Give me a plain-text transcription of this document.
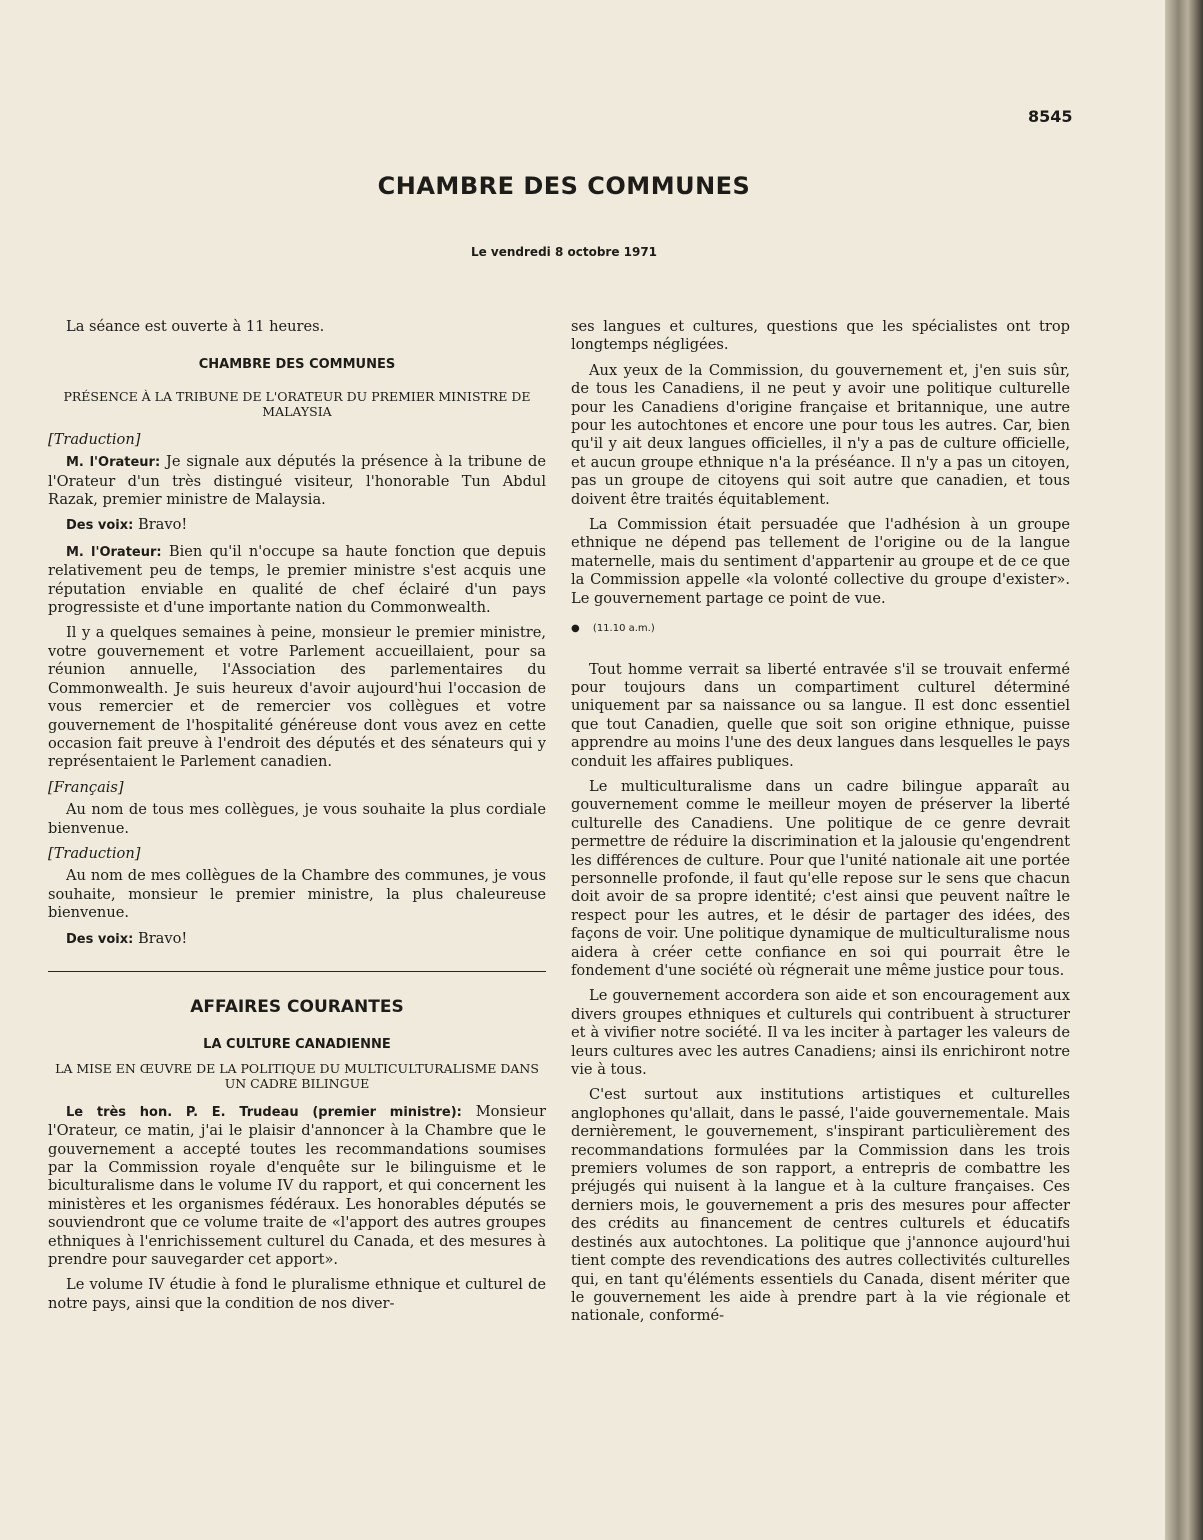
8545
CHAMBRE DES COMMUNES
Le vendredi 8 octobre 1971

La séance est ouverte à 11 heures.

CHAMBRE DES COMMUNES
PRÉSENCE À LA TRIBUNE DE L'ORATEUR DU PREMIER MINISTRE DE MALAYSIA

[Traduction]

M. l'Orateur: Je signale aux députés la présence à la tribune de l'Orateur d'un très distingué visiteur, l'honorable Tun Abdul Razak, premier ministre de Malaysia.

Des voix: Bravo!

M. l'Orateur: Bien qu'il n'occupe sa haute fonction que depuis relativement peu de temps, le premier ministre s'est acquis une réputation enviable en qualité de chef éclairé d'un pays progressiste et d'une importante nation du Commonwealth.

Il y a quelques semaines à peine, monsieur le premier ministre, votre gouvernement et votre Parlement accueillaient, pour sa réunion annuelle, l'Association des parlementaires du Commonwealth. Je suis heureux d'avoir aujourd'hui l'occasion de vous remercier et de remercier vos collègues et votre gouvernement de l'hospitalité généreuse dont vous avez en cette occasion fait preuve à l'endroit des députés et des sénateurs qui y représentaient le Parlement canadien.

[Français]

Au nom de tous mes collègues, je vous souhaite la plus cordiale bienvenue.

[Traduction]

Au nom de mes collègues de la Chambre des communes, je vous souhaite, monsieur le premier ministre, la plus chaleureuse bienvenue.

Des voix: Bravo!

AFFAIRES COURANTES
LA CULTURE CANADIENNE
LA MISE EN ŒUVRE DE LA POLITIQUE DU MULTICULTURALISME DANS UN CADRE BILINGUE

Le très hon. P. E. Trudeau (premier ministre): Monsieur l'Orateur, ce matin, j'ai le plaisir d'annoncer à la Chambre que le gouvernement a accepté toutes les recommandations soumises par la Commission royale d'enquête sur le bilinguisme et le biculturalisme dans le volume IV du rapport, et qui concernent les ministères et les organismes fédéraux. Les honorables députés se souviendront que ce volume traite de «l'apport des autres groupes ethniques à l'enrichissement culturel du Canada, et des mesures à prendre pour sauvegarder cet apport».

Le volume IV étudie à fond le pluralisme ethnique et culturel de notre pays, ainsi que la condition de nos diver-

ses langues et cultures, questions que les spécialistes ont trop longtemps négligées.

Aux yeux de la Commission, du gouvernement et, j'en suis sûr, de tous les Canadiens, il ne peut y avoir une politique culturelle pour les Canadiens d'origine française et britannique, une autre pour les autochtones et encore une pour tous les autres. Car, bien qu'il y ait deux langues officielles, il n'y a pas de culture officielle, et aucun groupe ethnique n'a la préséance. Il n'y a pas un citoyen, pas un groupe de citoyens qui soit autre que canadien, et tous doivent être traités équitablement.

La Commission était persuadée que l'adhésion à un groupe ethnique ne dépend pas tellement de l'origine ou de la langue maternelle, mais du sentiment d'appartenir au groupe et de ce que la Commission appelle «la volonté collective du groupe d'exister». Le gouvernement partage ce point de vue.

● (11.10 a.m.)

Tout homme verrait sa liberté entravée s'il se trouvait enfermé pour toujours dans un compartiment culturel déterminé uniquement par sa naissance ou sa langue. Il est donc essentiel que tout Canadien, quelle que soit son origine ethnique, puisse apprendre au moins l'une des deux langues dans lesquelles le pays conduit les affaires publiques.

Le multiculturalisme dans un cadre bilingue apparaît au gouvernement comme le meilleur moyen de préserver la liberté culturelle des Canadiens. Une politique de ce genre devrait permettre de réduire la discrimination et la jalousie qu'engendrent les différences de culture. Pour que l'unité nationale ait une portée personnelle profonde, il faut qu'elle repose sur le sens que chacun doit avoir de sa propre identité; c'est ainsi que peuvent naître le respect pour les autres, et le désir de partager des idées, des façons de voir. Une politique dynamique de multiculturalisme nous aidera à créer cette confiance en soi qui pourrait être le fondement d'une société où régnerait une même justice pour tous.

Le gouvernement accordera son aide et son encouragement aux divers groupes ethniques et culturels qui contribuent à structurer et à vivifier notre société. Il va les inciter à partager les valeurs de leurs cultures avec les autres Canadiens; ainsi ils enrichiront notre vie à tous.

C'est surtout aux institutions artistiques et culturelles anglophones qu'allait, dans le passé, l'aide gouvernementale. Mais dernièrement, le gouvernement, s'inspirant particulièrement des recommandations formulées par la Commission dans les trois premiers volumes de son rapport, a entrepris de combattre les préjugés qui nuisent à la langue et à la culture françaises. Ces derniers mois, le gouvernement a pris des mesures pour affecter des crédits au financement de centres culturels et éducatifs destinés aux autochtones. La politique que j'annonce aujourd'hui tient compte des revendications des autres collectivités culturelles qui, en tant qu'éléments essentiels du Canada, disent mériter que le gouvernement les aide à prendre part à la vie régionale et nationale, conformé-
